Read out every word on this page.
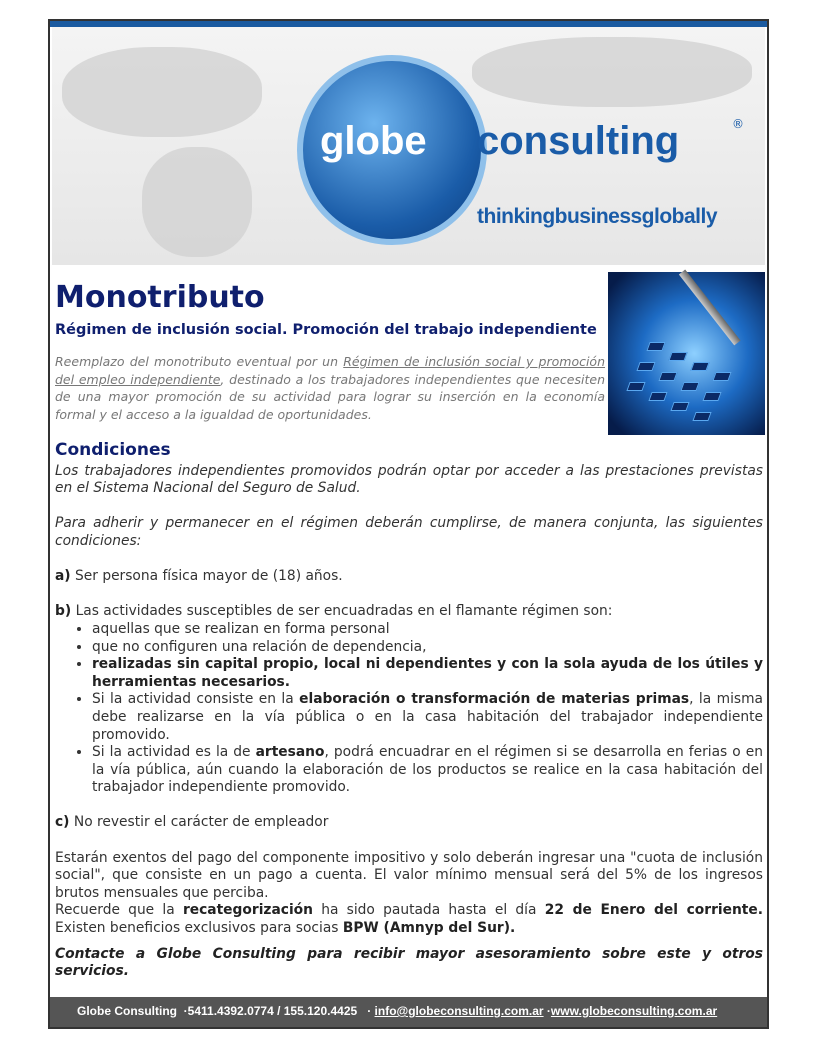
globe consulting	®
thinkingbusinessglobally
Monotributo
Régimen de inclusión social. Promoción del trabajo independiente
Reemplazo del monotributo eventual por un Régimen de inclusión social y promoción del empleo independiente, destinado a los trabajadores independientes que necesiten de una mayor promoción de su actividad para lograr su inserción en la economía formal y el acceso a la igualdad de oportunidades.
Condiciones

Los trabajadores independientes promovidos podrán optar por acceder a las prestaciones previstas en el Sistema Nacional del Seguro de Salud.

Para adherir y permanecer en el régimen deberán cumplirse, de manera conjunta, las siguientes condiciones:

a) Ser persona física mayor de (18) años.

b) Las actividades susceptibles de ser encuadradas en el flamante régimen son:

• aquellas que se realizan en forma personal
• que no configuren una relación de dependencia,
• realizadas sin capital propio, local ni dependientes y con la sola ayuda de los útiles y herramientas necesarios.
• Si la actividad consiste en la elaboración o transformación de materias primas, la misma debe realizarse en la vía pública o en la casa habitación del trabajador independiente promovido.
• Si la actividad es la de artesano, podrá encuadrar en el régimen si se desarrolla en ferias o en la vía pública, aún cuando la elaboración de los productos se realice en la casa habitación del trabajador independiente promovido.

c) No revestir el carácter de empleador

Estarán exentos del pago del componente impositivo y solo deberán ingresar una "cuota de inclusión social", que consiste en un pago a cuenta. El valor mínimo mensual será del 5% de los ingresos brutos mensuales que perciba.

Recuerde que la recategorización ha sido pautada hasta el día 22 de Enero del corriente. Existen beneficios exclusivos para socias BPW (Amnyp del Sur).

Contacte a Globe Consulting para recibir mayor asesoramiento sobre este y otros servicios.

Globe Consulting ·5411.4392.0774 / 155.120.4425 · info@globeconsulting.com.ar ·www.globeconsulting.com.ar
